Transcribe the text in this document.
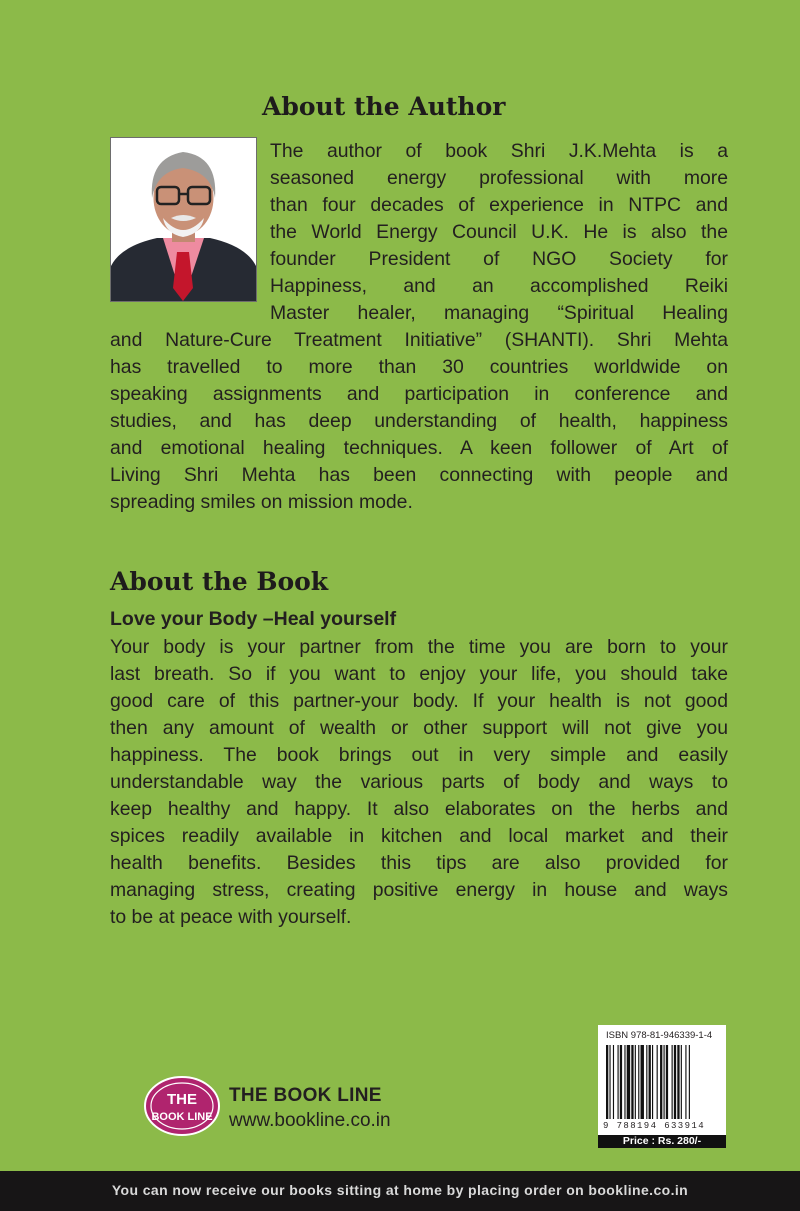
About the Author
The author of book Shri J.K.Mehta is a
seasoned energy professional with more
than four decades of experience in NTPC and
the World Energy Council U.K. He is also the
founder President of NGO Society for
Happiness, and an accomplished Reiki
Master healer, managing “Spiritual Healing
and Nature-Cure Treatment Initiative” (SHANTI). Shri Mehta
has travelled to more than 30 countries worldwide on
speaking assignments and participation in conference and
studies, and has deep understanding of health, happiness
and emotional healing techniques. A keen follower of Art of
Living Shri Mehta has been connecting with people and
spreading smiles on mission mode.
About the Book
Love your Body –Heal yourself
Your body is your partner from the time you are born to your
last breath. So if you want to enjoy your life, you should take
good care of this partner-your body. If your health is not good
then any amount of wealth or other support will not give you
happiness. The book brings out in very simple and easily
understandable way the various parts of body and ways to
keep healthy and happy. It also elaborates on the herbs and
spices readily available in kitchen and local market and their
health benefits. Besides this tips are also provided for
managing stress, creating positive energy in house and ways
to be at peace with yourself.
THE
BOOK LINE
THE BOOK LINE
www.bookline.co.in
ISBN 978-81-946339-1-4
9 788194 633914
Price : Rs. 280/-
You can now receive our books sitting at home by placing order on bookline.co.in
